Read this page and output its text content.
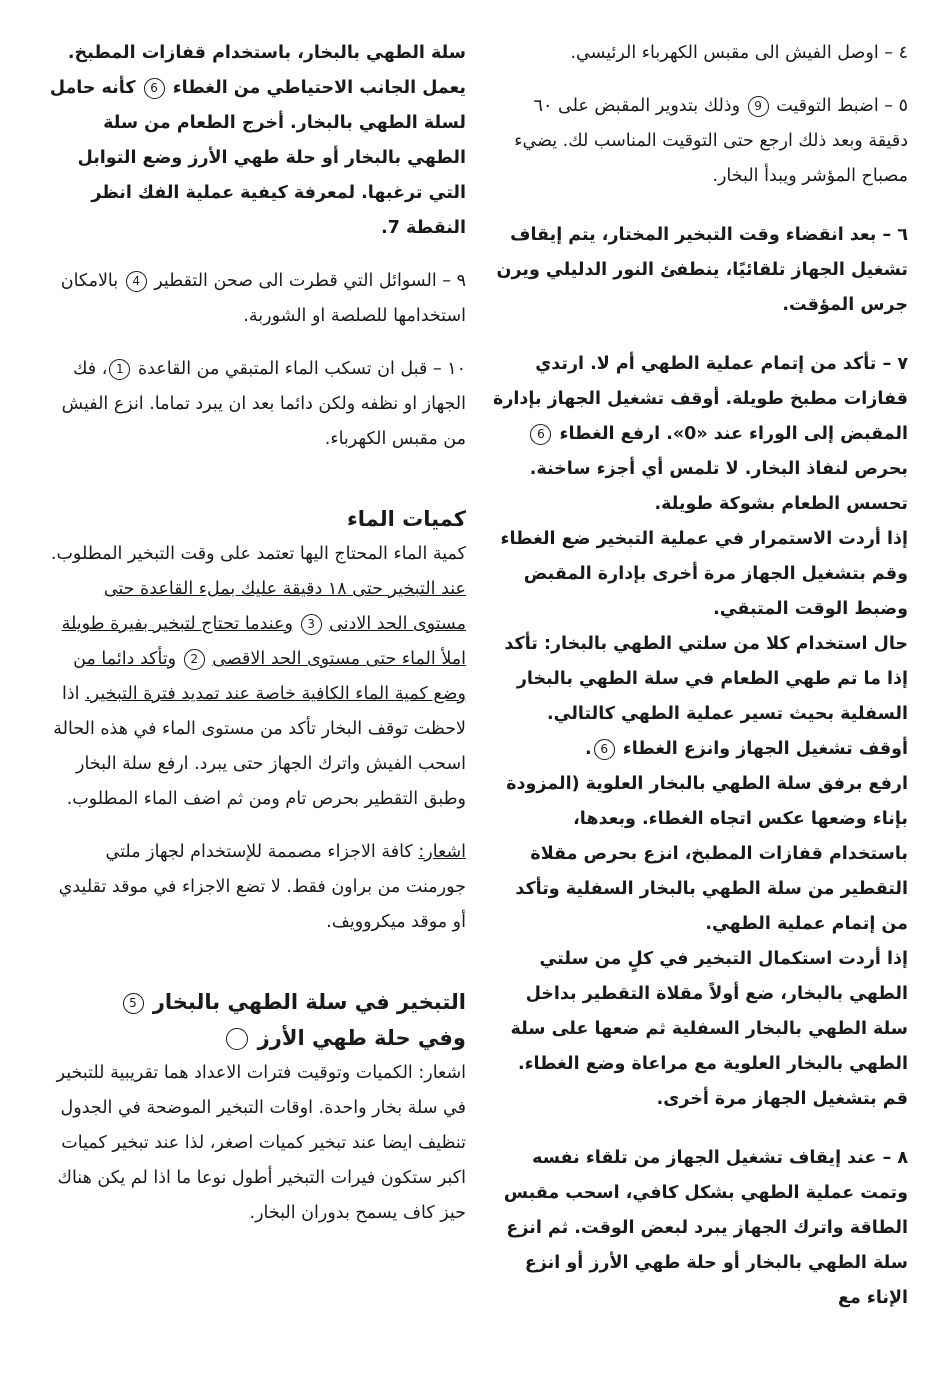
٤ – اوصل الفيش الى مقبس الكهرباء الرئيسي.

٥ – اضبط التوقيت 9 وذلك بتدوير المقبض على ٦٠ دقيقة وبعد ذلك ارجع حتى التوقيت المناسب لك. يضيء مصباح المؤشر ويبدأ البخار.

٦ – بعد انقضاء وقت التبخير المختار، يتم إيقاف تشغيل الجهاز تلقائيًا، ينطفئ النور الدليلي ويرن جرس المؤقت.

٧ – تأكد من إتمام عملية الطهي أم لا. ارتدي قفازات مطبخ طويلة. أوقف تشغيل الجهاز بإدارة المقبض إلى الوراء عند «0». ارفع الغطاء 6 بحرص لنفاذ البخار. لا تلمس أي أجزء ساخنة. تحسس الطعام بشوكة طويلة.

إذا أردت الاستمرار في عملية التبخير ضع الغطاء وقم بتشغيل الجهاز مرة أخرى بإدارة المقبض وضبط الوقت المتبقي.

حال استخدام كلا من سلتي الطهي بالبخار: تأكد إذا ما تم طهي الطعام في سلة الطهي بالبخار السفلية بحيث تسير عملية الطهي كالتالي.

أوقف تشغيل الجهاز وانزع الغطاء 6.

ارفع برفق سلة الطهي بالبخار العلوية (المزودة بإناء وضعها عكس اتجاه الغطاء. وبعدها، باستخدام قفازات المطبخ، انزع بحرص مقلاة التقطير من سلة الطهي بالبخار السفلية وتأكد من إتمام عملية الطهي.

إذا أردت استكمال التبخير في كلٍ من سلتي الطهي بالبخار، ضع أولاً مقلاة التقطير بداخل سلة الطهي بالبخار السفلية ثم ضعها على سلة الطهي بالبخار العلوية مع مراعاة وضع الغطاء. قم بتشغيل الجهاز مرة أخرى.

٨ – عند إيقاف تشغيل الجهاز من تلقاء نفسه وتمت عملية الطهي بشكل كافي، اسحب مقبس الطاقة واترك الجهاز يبرد لبعض الوقت. ثم انزع سلة الطهي بالبخار أو حلة طهي الأرز أو انزع الإناء مع

سلة الطهي بالبخار، باستخدام قفازات المطبخ. يعمل الجانب الاحتياطي من الغطاء 6 كأنه حامل لسلة الطهي بالبخار. أخرج الطعام من سلة الطهي بالبخار أو حلة طهي الأرز وضع التوابل التي ترغبها. لمعرفة كيفية عملية الفك انظر النقطة 7.

٩ – السوائل التي قطرت الى صحن التقطير 4 بالامكان استخدامها للصلصة او الشوربة.

١٠ – قبل ان تسكب الماء المتبقي من القاعدة 1، فك الجهاز او نظفه ولكن دائما بعد ان يبرد تماما. انزع الفيش من مقبس الكهرباء.

كميات الماء

كمية الماء المحتاج اليها تعتمد على وقت التبخير المطلوب. عند التبخير حتى ١٨ دقيقة عليك بملء القاعدة حتى مستوى الحد الادنى 3 وعندما تحتاج لتبخير بفيرة طويلة املأ الماء حتى مستوى الحد الاقصى 2 وتأكد دائما من وضع كمية الماء الكافية خاصة عند تمديد فترة التبخير. اذا لاحظت توقف البخار تأكد من مستوى الماء في هذه الحالة اسحب الفيش واترك الجهاز حتى يبرد. ارفع سلة البخار وطبق التقطير بحرص تام ومن ثم اضف الماء المطلوب.

اشعار: كافة الاجزاء مصممة للإستخدام لجهاز ملتي جورمنت من براون فقط. لا تضع الاجزاء في موقد تقليدي أو موقد ميكروويف.

التبخير في سلة الطهي بالبخار 5
وفي حلة طهي الأرز

اشعار: الكميات وتوقيت فترات الاعداد هما تقريبية للتبخير في سلة بخار واحدة. اوقات التبخير الموضحة في الجدول تنظيف ايضا عند تبخير كميات اصغر، لذا عند تبخير كميات اكبر ستكون فيرات التبخير أطول نوعا ما اذا لم يكن هناك حيز كاف يسمح بدوران البخار.
